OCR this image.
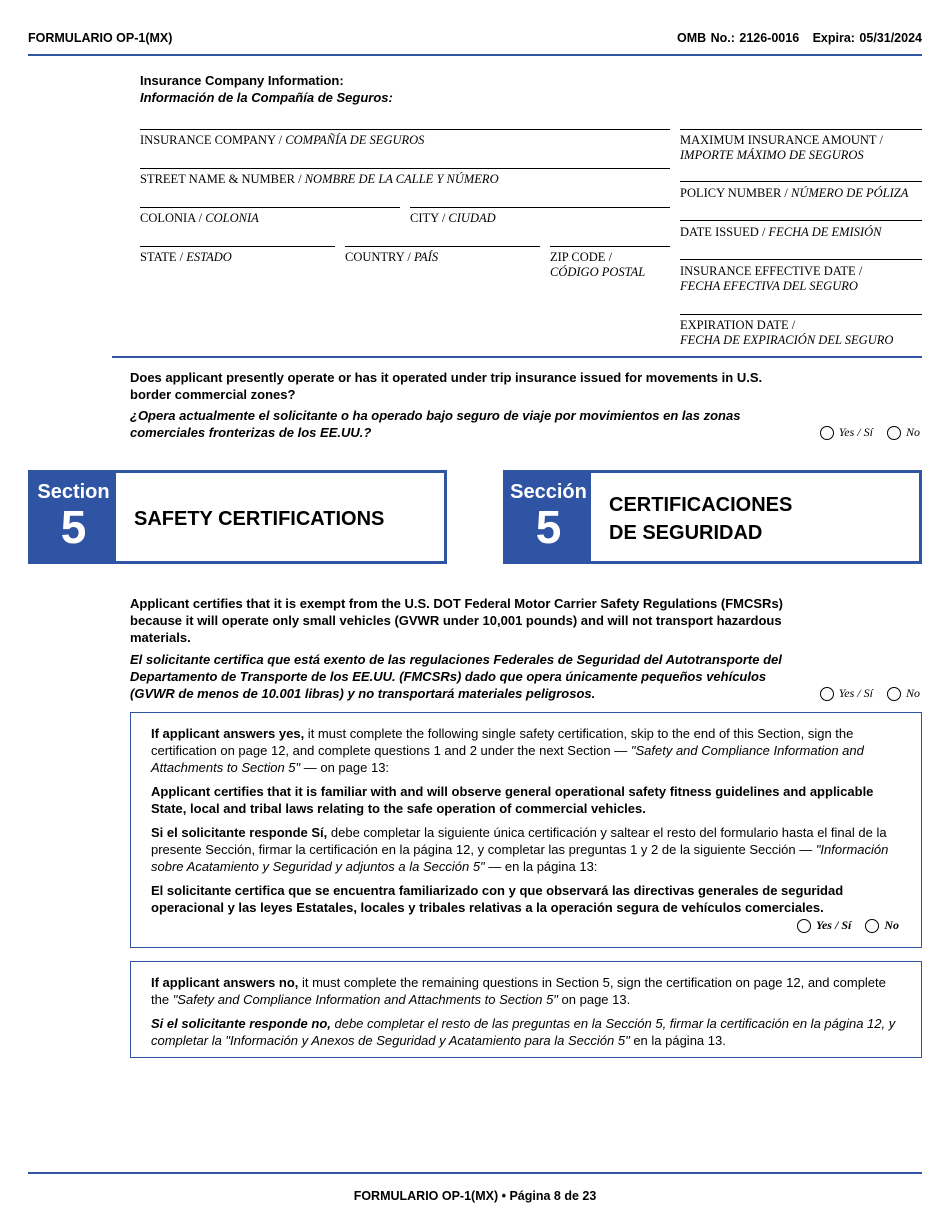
FORMULARIO OP-1(MX)	OMB No.: 2126-0016 Expira: 05/31/2024
Insurance Company Information:
Información de la Compañía de Seguros:
INSURANCE COMPANY / COMPAÑÍA DE SEGUROS
STREET NAME & NUMBER / NOMBRE DE LA CALLE Y NÚMERO
COLONIA / COLONIA	CITY / CIUDAD
STATE / ESTADO	COUNTRY / PAÍS	ZIP CODE /
CÓDIGO POSTAL
MAXIMUM INSURANCE AMOUNT /
IMPORTE MÁXIMO DE SEGUROS
POLICY NUMBER / NÚMERO DE PÓLIZA
DATE ISSUED / FECHA DE EMISIÓN
INSURANCE EFFECTIVE DATE /
FECHA EFECTIVA DEL SEGURO
EXPIRATION DATE /
FECHA DE EXPIRACIÓN DEL SEGURO
Does applicant presently operate or has it operated under trip insurance issued for movements in U.S. border commercial zones?
¿Opera actualmente el solicitante o ha operado bajo seguro de viaje por movimientos en las zonas comerciales fronterizas de los EE.UU.?	Yes / Sí	No
Section
5	SAFETY CERTIFICATIONS
Sección
5	CERTIFICACIONES
DE SEGURIDAD
Applicant certifies that it is exempt from the U.S. DOT Federal Motor Carrier Safety Regulations (FMCSRs) because it will operate only small vehicles (GVWR under 10,001 pounds) and will not transport hazardous materials.
El solicitante certifica que está exento de las regulaciones Federales de Seguridad del Autotransporte del Departamento de Transporte de los EE.UU. (FMCSRs) dado que opera únicamente pequeños vehículos (GVWR de menos de 10.001 libras) y no transportará materiales peligrosos.	Yes / Sí	No

If applicant answers yes, it must complete the following single safety certification, skip to the end of this Section, sign the certification on page 12, and complete questions 1 and 2 under the next Section — "Safety and Compliance Information and Attachments to Section 5" — on page 13:

Applicant certifies that it is familiar with and will observe general operational safety fitness guidelines and applicable State, local and tribal laws relating to the safe operation of commercial vehicles.

Si el solicitante responde Sí, debe completar la siguiente única certificación y saltear el resto del formulario hasta el final de la presente Sección, firmar la certificación en la página 12, y completar las preguntas 1 y 2 de la siguiente Sección — "Información sobre Acatamiento y Seguridad y adjuntos a la Sección 5" — en la página 13:

El solicitante certifica que se encuentra familiarizado con y que observará las directivas generales de seguridad operacional y las leyes Estatales, locales y tribales relativas a la operación segura de vehículos comerciales.

Yes / Sí	No

If applicant answers no, it must complete the remaining questions in Section 5, sign the certification on page 12, and complete the "Safety and Compliance Information and Attachments to Section 5" on page 13.

Si el solicitante responde no, debe completar el resto de las preguntas en la Sección 5, firmar la certificación en la página 12, y completar la "Información y Anexos de Seguridad y Acatamiento para la Sección 5" en la página 13.

FORMULARIO OP-1(MX) • Página 8 de 23
